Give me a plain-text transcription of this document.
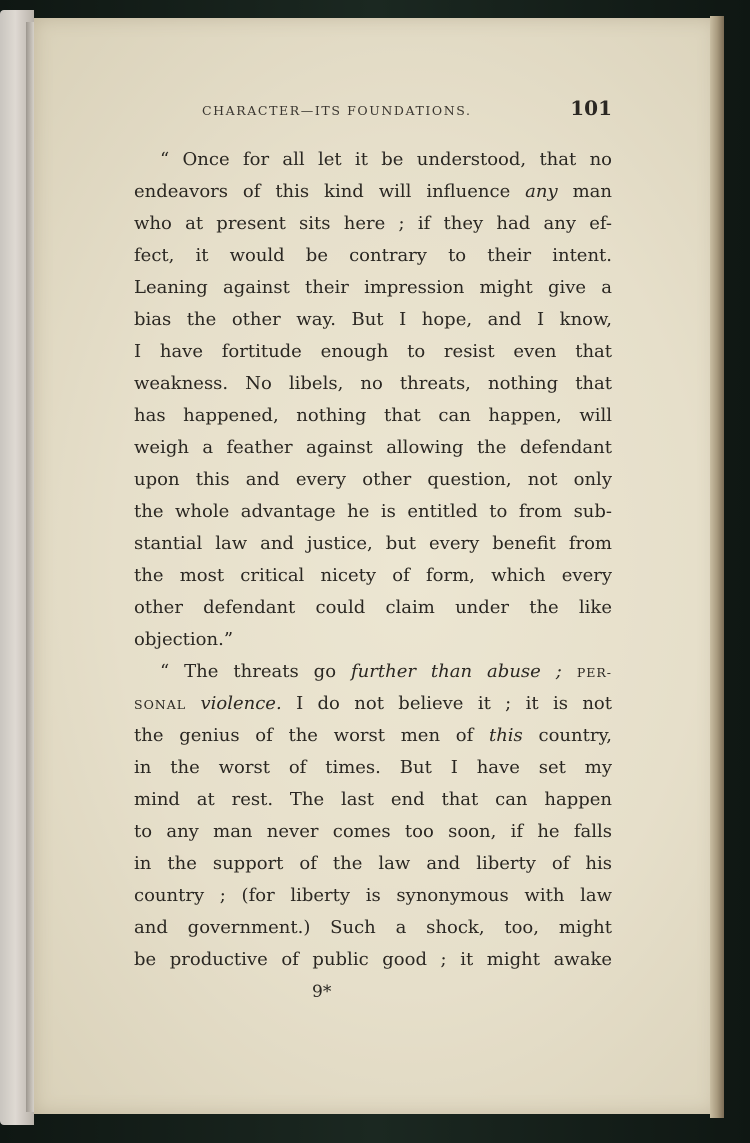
CHARACTER—ITS FOUNDATIONS.	101
“ Once for all let it be understood, that no
endeavors of this kind will influence any man
who at present sits here ; if they had any ef-
fect, it would be contrary to their intent.
Leaning against their impression might give a
bias the other way. But I hope, and I know,
I have fortitude enough to resist even that
weakness. No libels, no threats, nothing that
has happened, nothing that can happen, will
weigh a feather against allowing the defendant
upon this and every other question, not only
the whole advantage he is entitled to from sub-
stantial law and justice, but every benefit from
the most critical nicety of form, which every
other defendant could claim under the like
objection.”
“ The threats go further than abuse ; PER-
SONAL violence. I do not believe it ; it is not
the genius of the worst men of this country,
in the worst of times. But I have set my
mind at rest. The last end that can happen
to any man never comes too soon, if he falls
in the support of the law and liberty of his
country ; (for liberty is synonymous with law
and government.) Such a shock, too, might
be productive of public good ; it might awake
9*
